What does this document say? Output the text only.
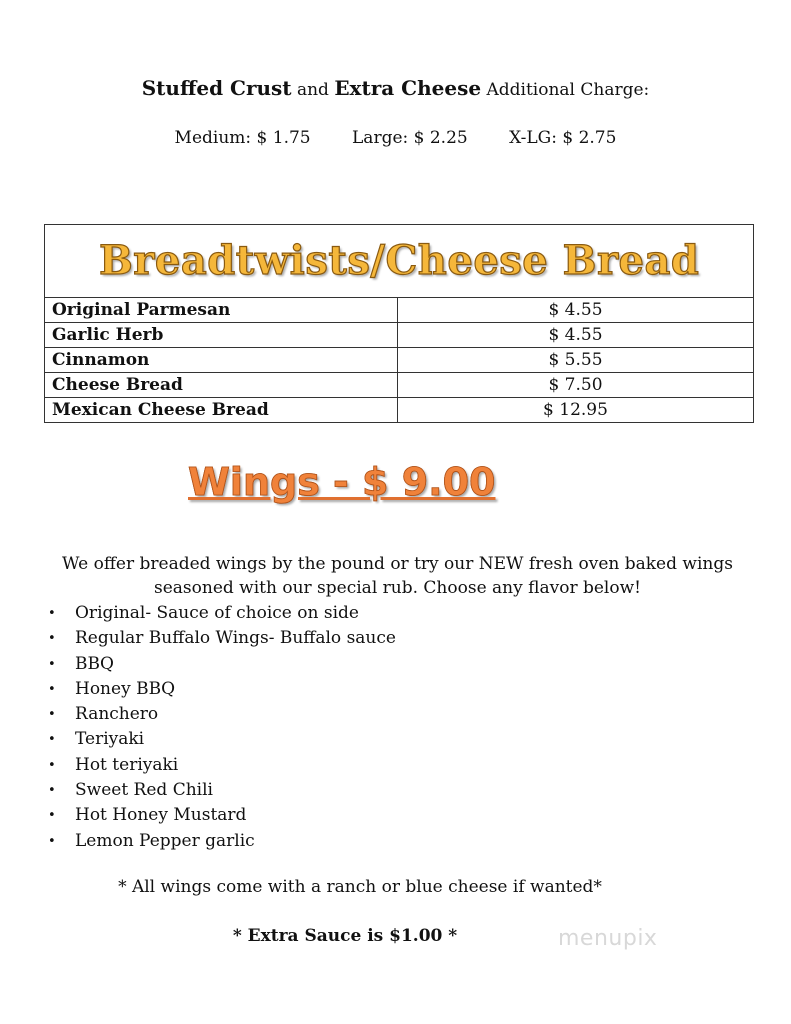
Stuffed Crust and Extra Cheese Additional Charge:
Medium: $ 1.75 Large: $ 2.25 X-LG: $ 2.75
Breadtwists/Cheese Bread
Original Parmesan	$ 4.55
Garlic Herb	$ 4.55
Cinnamon	$ 5.55
Cheese Bread	$ 7.50
Mexican Cheese Bread	$ 12.95
Wings - $ 9.00
We offer breaded wings by the pound or try our NEW fresh oven baked wings
seasoned with our special rub. Choose any flavor below!
•	Original- Sauce of choice on side
•	Regular Buffalo Wings- Buffalo sauce
•	BBQ
•	Honey BBQ
•	Ranchero
•	Teriyaki
•	Hot teriyaki
•	Sweet Red Chili
•	Hot Honey Mustard
•	Lemon Pepper garlic
* All wings come with a ranch or blue cheese if wanted*
* Extra Sauce is $1.00 *	menupix
